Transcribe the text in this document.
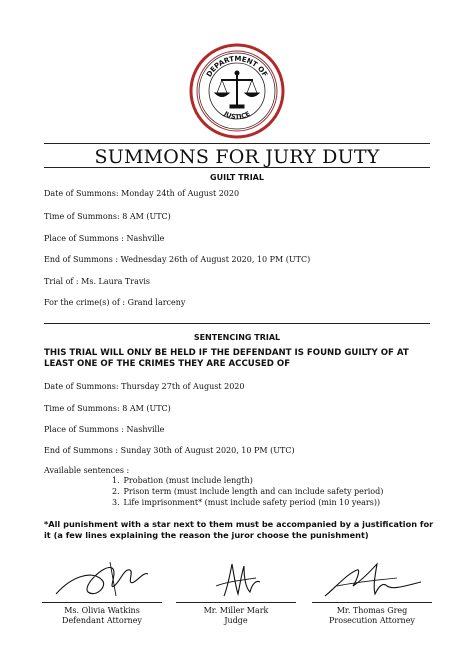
DEPARTMENT OF
JUSTICE
SUMMONS FOR JURY DUTY
GUILT TRIAL
Date of Summons: Monday 24th of August 2020
Time of Summons: 8 AM (UTC)
Place of Summons : Nashville
End of Summons : Wednesday 26th of August 2020, 10 PM (UTC)
Trial of : Ms. Laura Travis
For the crime(s) of : Grand larceny
SENTENCING TRIAL
THIS TRIAL WILL ONLY BE HELD IF THE DEFENDANT IS FOUND GUILTY OF AT LEAST ONE OF THE CRIMES THEY ARE ACCUSED OF
Date of Summons: Thursday 27th of August 2020
Time of Summons: 8 AM (UTC)
Place of Summons : Nashville
End of Summons : Sunday 30th of August 2020, 10 PM (UTC)
Available sentences :
1. Probation (must include length)
2. Prison term (must include length and can include safety period)
3. Life imprisonment* (must include safety period (min 10 years))
*All punishment with a star next to them must be accompanied by a justification for it (a few lines explaining the reason the juror choose the punishment)
Ms. Olivia Watkins
Defendant Attorney
Mr. Miller Mark
Judge
Mr. Thomas Greg
Prosecution Attorney
